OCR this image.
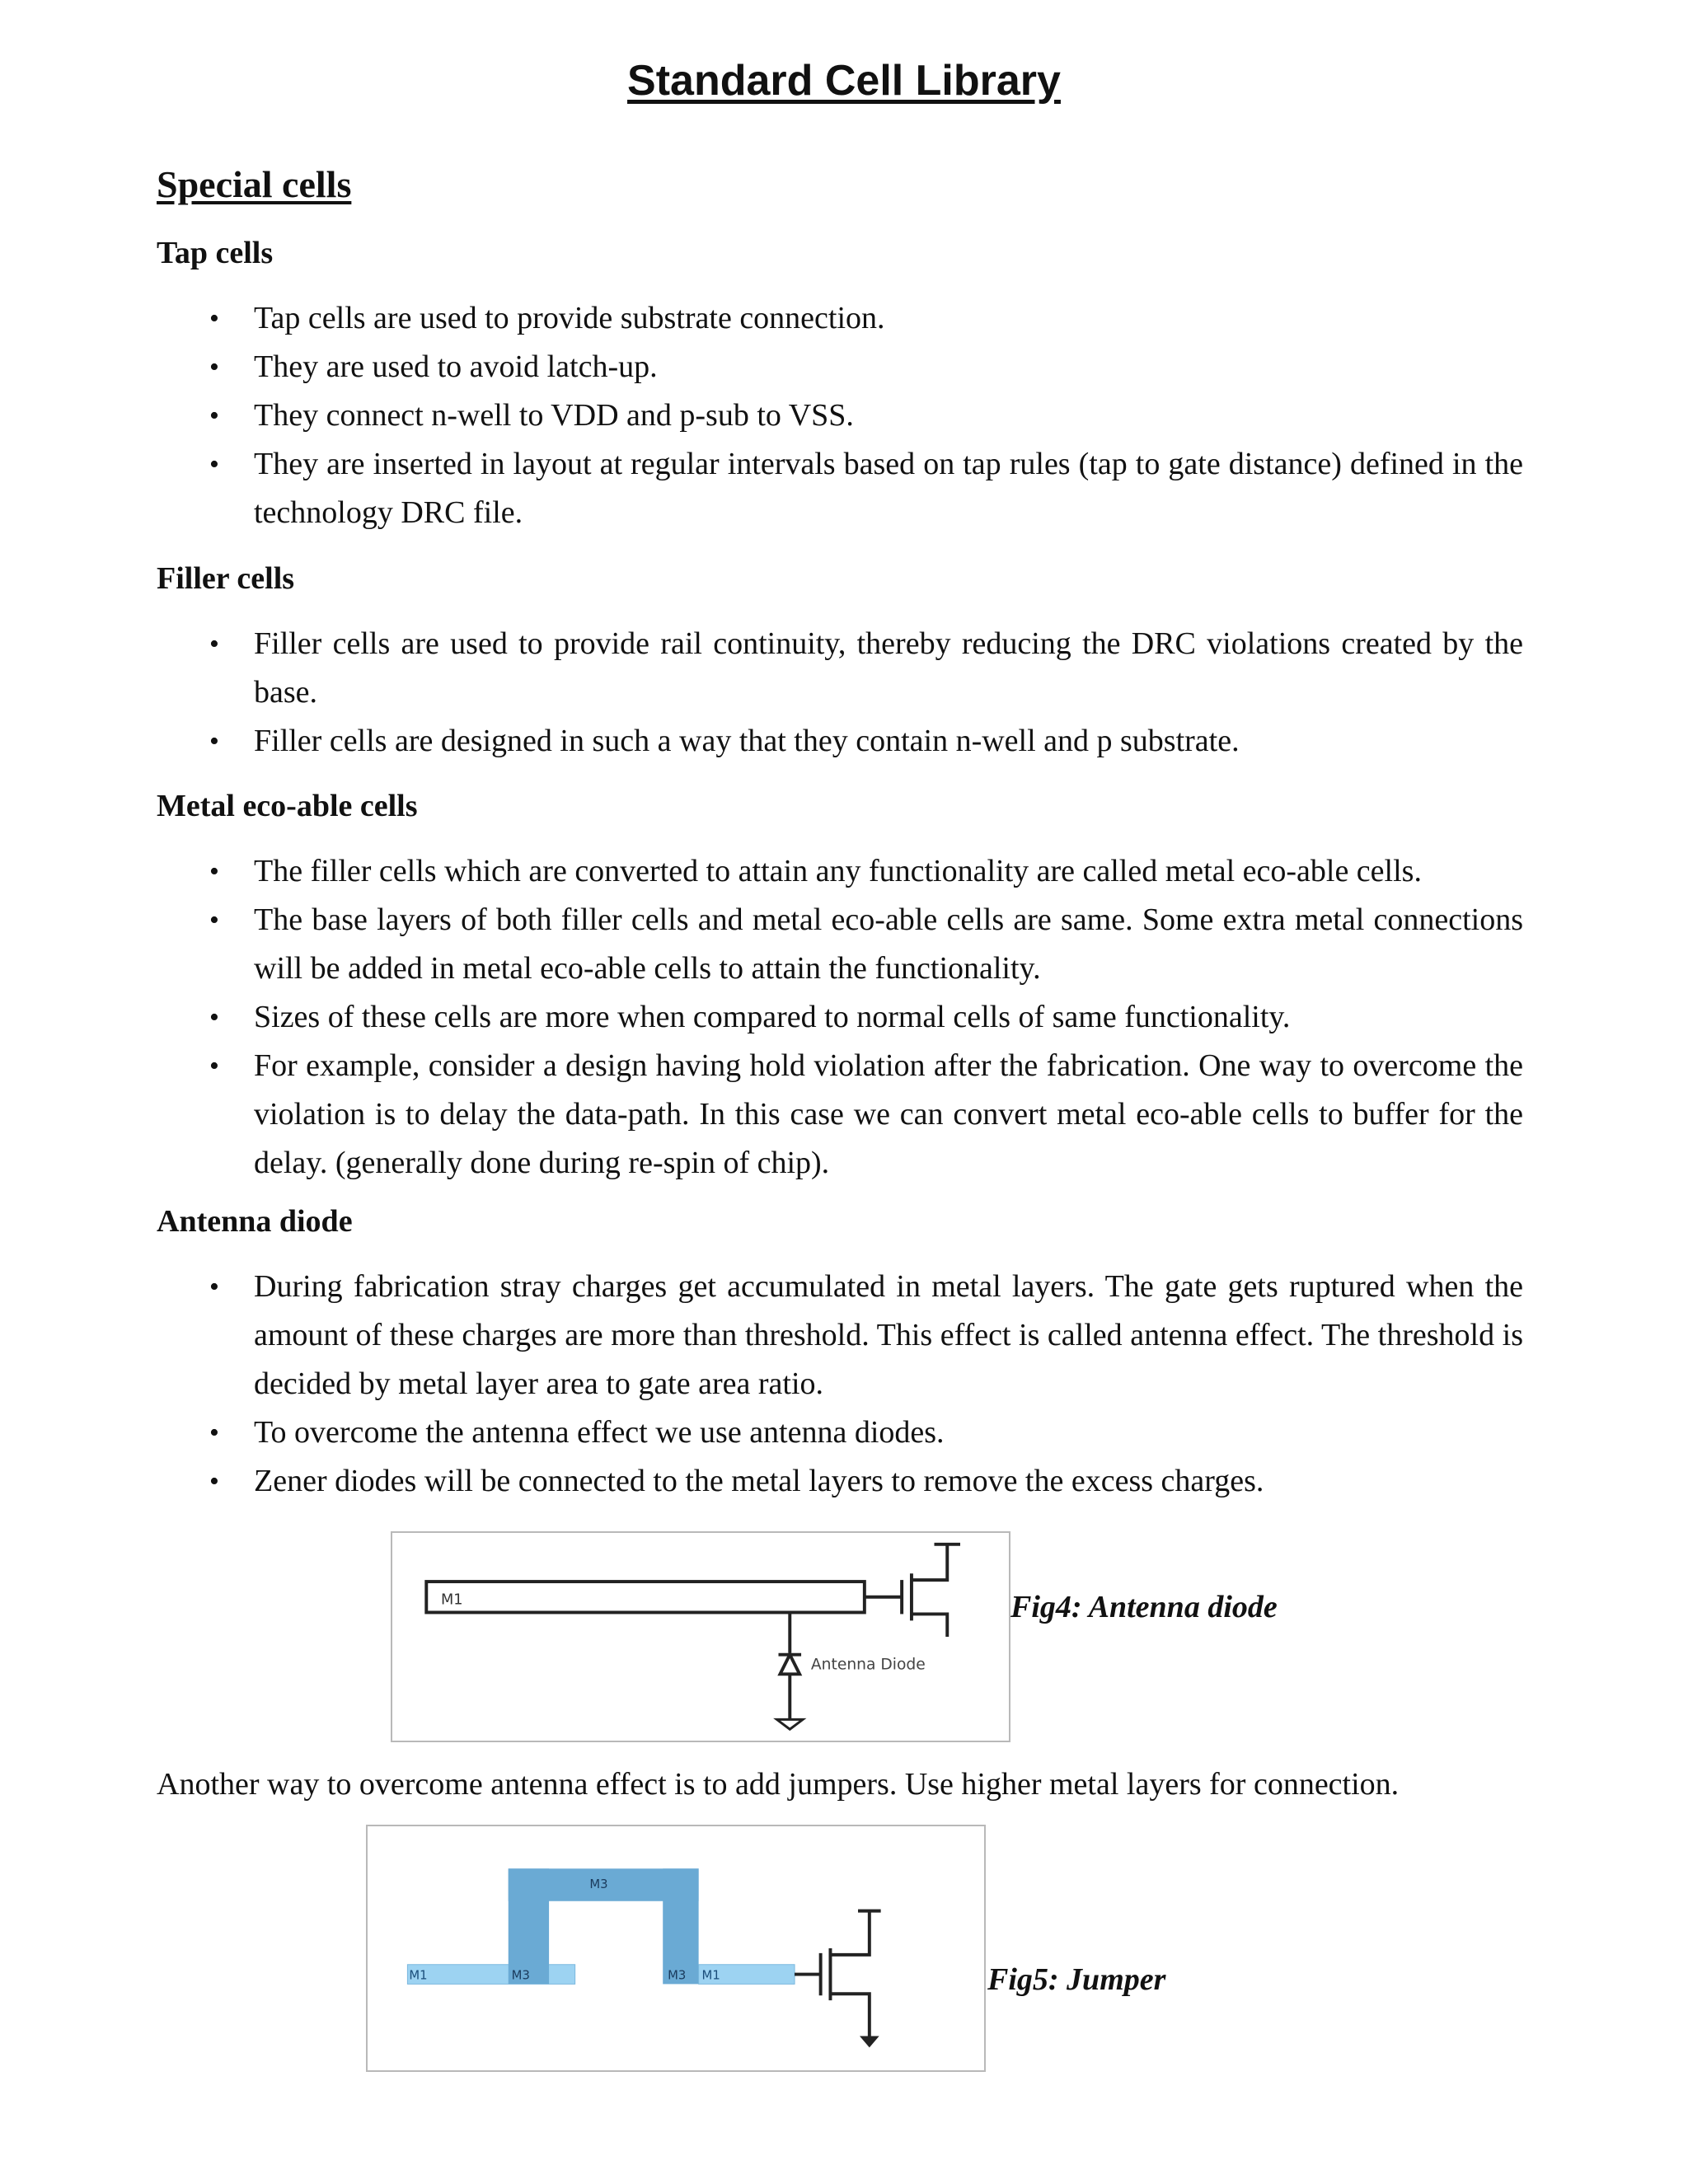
Standard Cell Library
Special cells
Tap cells
• Tap cells are used to provide substrate connection.
• They are used to avoid latch-up.
• They connect n-well to VDD and p-sub to VSS.
• They are inserted in layout at regular intervals based on tap rules (tap to gate distance) defined in the technology DRC file.
Filler cells
• Filler cells are used to provide rail continuity, thereby reducing the DRC violations created by the base.
• Filler cells are designed in such a way that they contain n-well and p substrate.
Metal eco-able cells
• The filler cells which are converted to attain any functionality are called metal eco-able cells.
• The base layers of both filler cells and metal eco-able cells are same. Some extra metal connections will be added in metal eco-able cells to attain the functionality.
• Sizes of these cells are more when compared to normal cells of same functionality.
• For example, consider a design having hold violation after the fabrication. One way to overcome the violation is to delay the data-path. In this case we can convert metal eco-able cells to buffer for the delay. (generally done during re-spin of chip).
Antenna diode
• During fabrication stray charges get accumulated in metal layers. The gate gets ruptured when the amount of these charges are more than threshold. This effect is called antenna effect. The threshold is decided by metal layer area to gate area ratio.
• To overcome the antenna effect we use antenna diodes.
• Zener diodes will be connected to the metal layers to remove the excess charges.
M1
Antenna Diode

Fig4: Antenna diode

Another way to overcome antenna effect is to add jumpers. Use higher metal layers for connection.

M1	M3
M3
M3 M1	Fig5: Jumper
